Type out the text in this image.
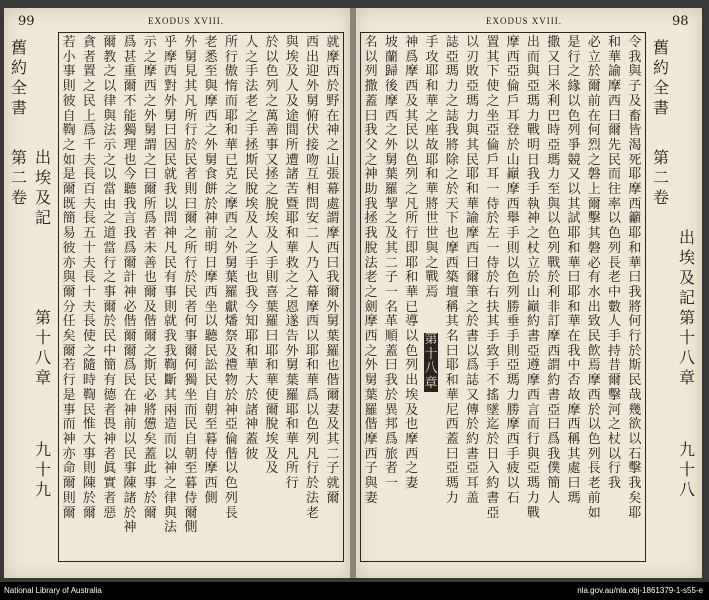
99	EXODUS XVIII.
舊約全書
第二卷
出埃及記
第十八章
九十九
就摩西於野在神之山張幕處謂摩西曰我爾外舅葉羅也偕爾妻及其二子就爾
西出迎外舅俯伏接吻互相問安二人乃入幕摩西以耶和華爲以色列凡行於法老
與埃及人及途間所遭諸苦暨耶和華救之之恩遂告外舅葉羅耶和華凡所行
於以色列之萬善事又拯之脫埃及人手則喜葉羅曰耶和華使爾脫埃及及
人之手法老之手拯斯民脫埃及人之手也我今知耶和華大於諸神蓋彼
所行傲惰而耶和華已克之摩西之外舅葉羅獻燔祭及禮物於神亞倫偕以色列長
老悉至與摩西之外舅食餅於神前明日摩西坐以聽民訟民自朝至暮侍摩西側
外舅見其凡所行於民者則曰爾之所行於民者何事爾何獨坐而民自朝至暮侍爾側
乎摩西對外舅曰因民就我以問神凡民有事則就我我鞫斷其兩造而以神之律與法
示之摩西之外舅謂之曰爾所爲者未善也爾及偕爾之斯民必將憊矣蓋此事於爾
爲甚重爾不能獨理也今聽我言我爲爾計神必偕爾爾爲民在神前以民事陳諸於神
爾教之以律與法示之以當由之道當行之事爾於民中簡有德者畏神者眞實者惡
貪者置之民上爲千夫長百夫長五十夫長十夫長使之隨時鞫民惟大事則陳於爾
若小事則彼自鞫之如是爾既簡易彼亦與爾分任矣爾若行是事而神亦命爾則爾
98
EXODUS XVIII.
令我與子及畜皆渴死耶摩西籲耶和華曰我將何行於斯民哉幾欲以石擊我矣耶
和華諭摩西曰爾先民而往率以色列長老中數人手持昔爾擊河之杖以行我
必立於爾前在何烈之磐上爾擊其磐必有水出致民飲焉摩西於以色列長老前如
是行之緣以色列爭競又以其試耶和華曰耶和華在我中否故摩西稱其處曰瑪
撒又曰米利巴時亞瑪力至與以色列戰於利非訂摩西謂約書亞曰爲我僕簡人
出而與亞瑪力戰明日我手執神之杖立於山巓約書亞遵摩西言而行與亞瑪力戰
摩西亞倫戶耳登於山巓摩西舉手則以色列勝垂手則亞瑪力勝摩西手疲以石
置其下使之坐亞倫戶耳一侍於左一侍於右扶其手致手不搖墜迄於日入約書亞
以刃敗亞瑪力與其民耶和華諭摩西曰爾筆之於書以爲誌又傳於約書亞耳盖
誌亞瑪力之誌我將除之於天下也摩西築壇稱其名曰耶和華尼西蓋曰亞瑪力
手攻耶和華之座故耶和華將世世與之戰焉
神爲摩西及其民以色列之凡所行即耶和華已導以色列出埃及也摩西之妻
坡蘭歸後摩西之外舅葉羅挈之及其二子一名革順蓋曰我於異邦爲旅者一
名以列撒蓋曰我父之神助我拯我脫法老之劍摩西之外舅葉羅偕摩西子與妻
第十八章
舊約全書
第二卷
出埃及記
第十八章
九十八
National Library of Australia	nla.gov.au/nla.obj-1861379-1-s55-e
